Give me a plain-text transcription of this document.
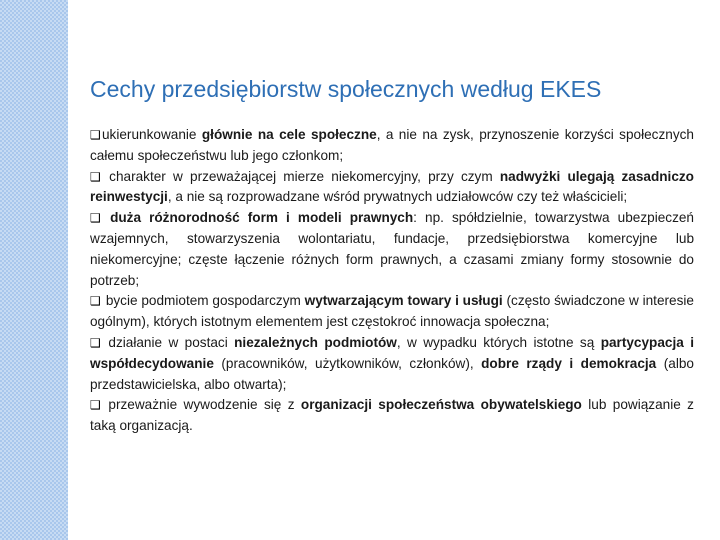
Cechy przedsiębiorstw społecznych według EKES

❑ukierunkowanie głównie na cele społeczne, a nie na zysk, przynoszenie korzyści społecznych całemu społeczeństwu lub jego członkom;

❑ charakter w przeważającej mierze niekomercyjny, przy czym nadwyżki ulegają zasadniczo reinwestycji, a nie są rozprowadzane wśród prywatnych udziałowców czy też właścicieli;

❑ duża różnorodność form i modeli prawnych: np. spółdzielnie, towarzystwa ubezpieczeń wzajemnych, stowarzyszenia wolontariatu, fundacje, przedsiębiorstwa komercyjne lub niekomercyjne; częste łączenie różnych form prawnych, a czasami zmiany formy stosownie do potrzeb;

❑ bycie podmiotem gospodarczym wytwarzającym towary i usługi (często świadczone w interesie ogólnym), których istotnym elementem jest częstokroć innowacja społeczna;

❑ działanie w postaci niezależnych podmiotów, w wypadku których istotne są partycypacja i współdecydowanie (pracowników, użytkowników, członków), dobre rządy i demokracja (albo przedstawicielska, albo otwarta);

❑ przeważnie wywodzenie się z organizacji społeczeństwa obywatelskiego lub powiązanie z taką organizacją.
